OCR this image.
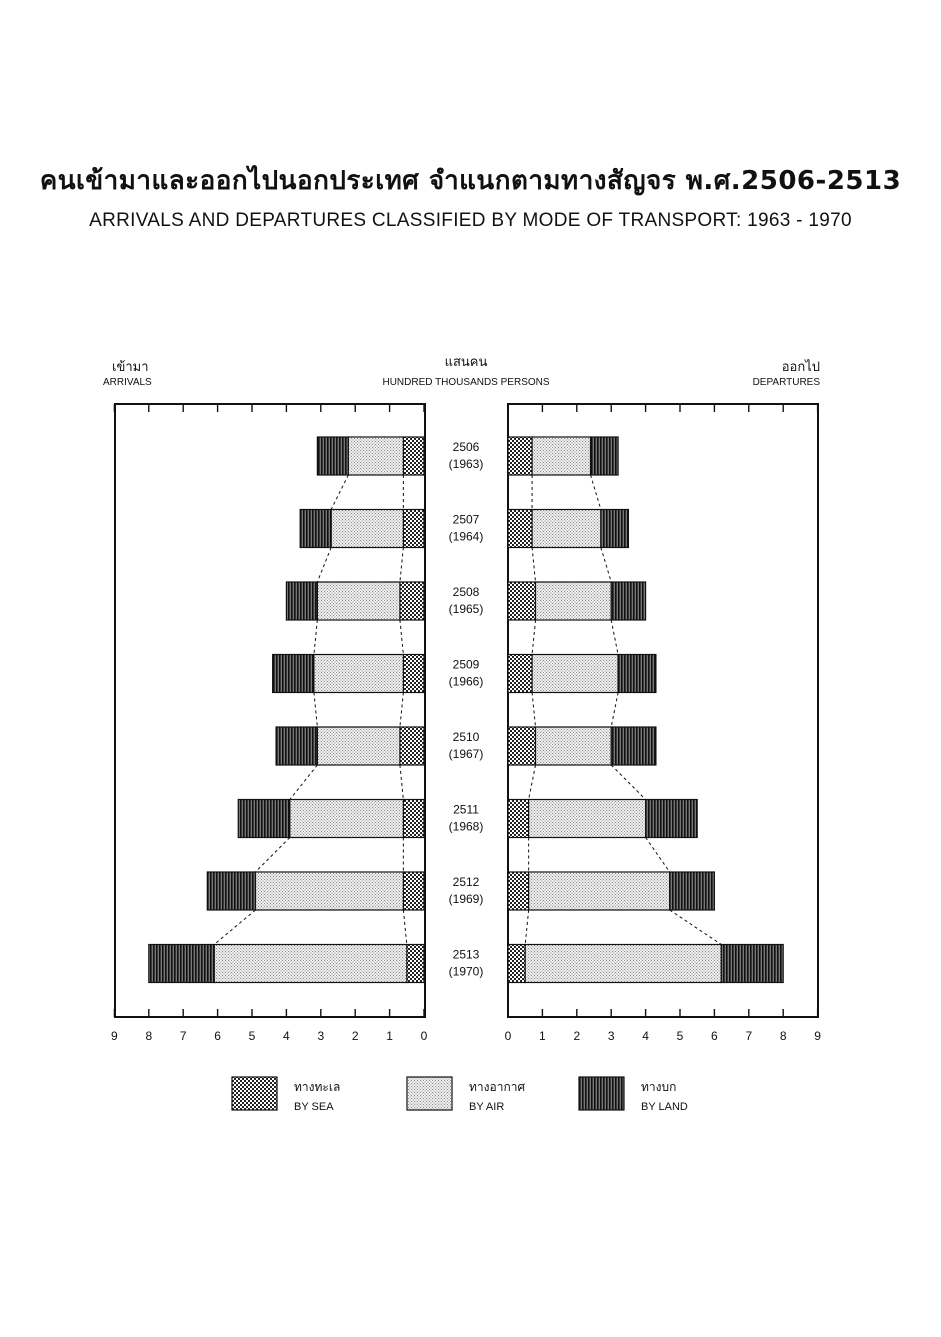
คนเข้ามาและออกไปนอกประเทศ จำแนกตามทางสัญจร พ.ศ.2506-2513
ARRIVALS AND DEPARTURES CLASSIFIED BY MODE OF TRANSPORT: 1963 - 1970
เข้ามา
ARRIVALS
แสนคน
HUNDRED THOUSANDS PERSONS
ออกไป
DEPARTURES
2506
(1963)
2507
(1964)
2508
(1965)
2509
(1966)
2510
(1967)
2511
(1968)
2512
(1969)
2513
(1970)
0	0
1	1
2	2
3	3
4	4
5	5
6	6
7	7
8	8
9	9
ทางทะเล
BY SEA
ทางอากาศ
BY AIR
ทางบก
BY LAND
